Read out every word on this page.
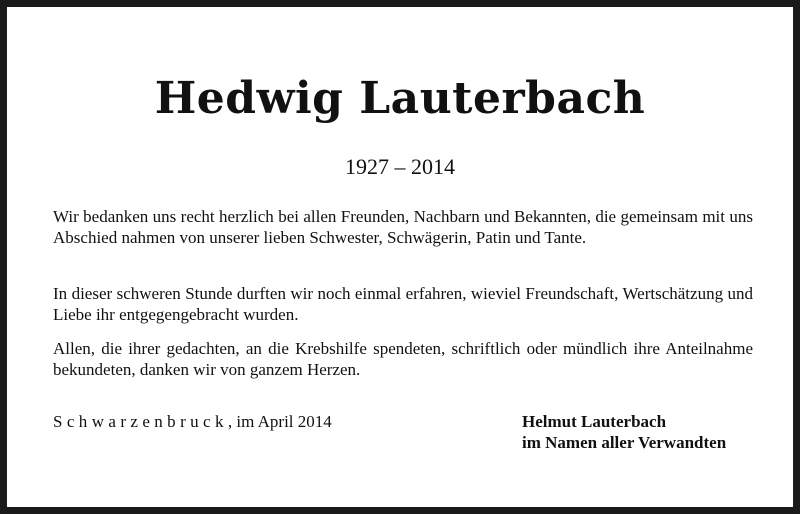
Hedwig Lauterbach
1927 – 2014

Wir bedanken uns recht herzlich bei allen Freunden, Nachbarn und Bekannten, die gemeinsam mit uns Abschied nahmen von unserer lieben Schwester, Schwägerin, Patin und Tante.

In dieser schweren Stunde durften wir noch einmal erfahren, wieviel Freundschaft, Wertschätzung und Liebe ihr entgegengebracht wurden.

Allen, die ihrer gedachten, an die Krebshilfe spendeten, schriftlich oder mündlich ihre Anteilnahme bekundeten, danken wir von ganzem Herzen.

Schwarzenbruck, im April 2014	Helmut Lauterbach
im Namen aller Verwandten
